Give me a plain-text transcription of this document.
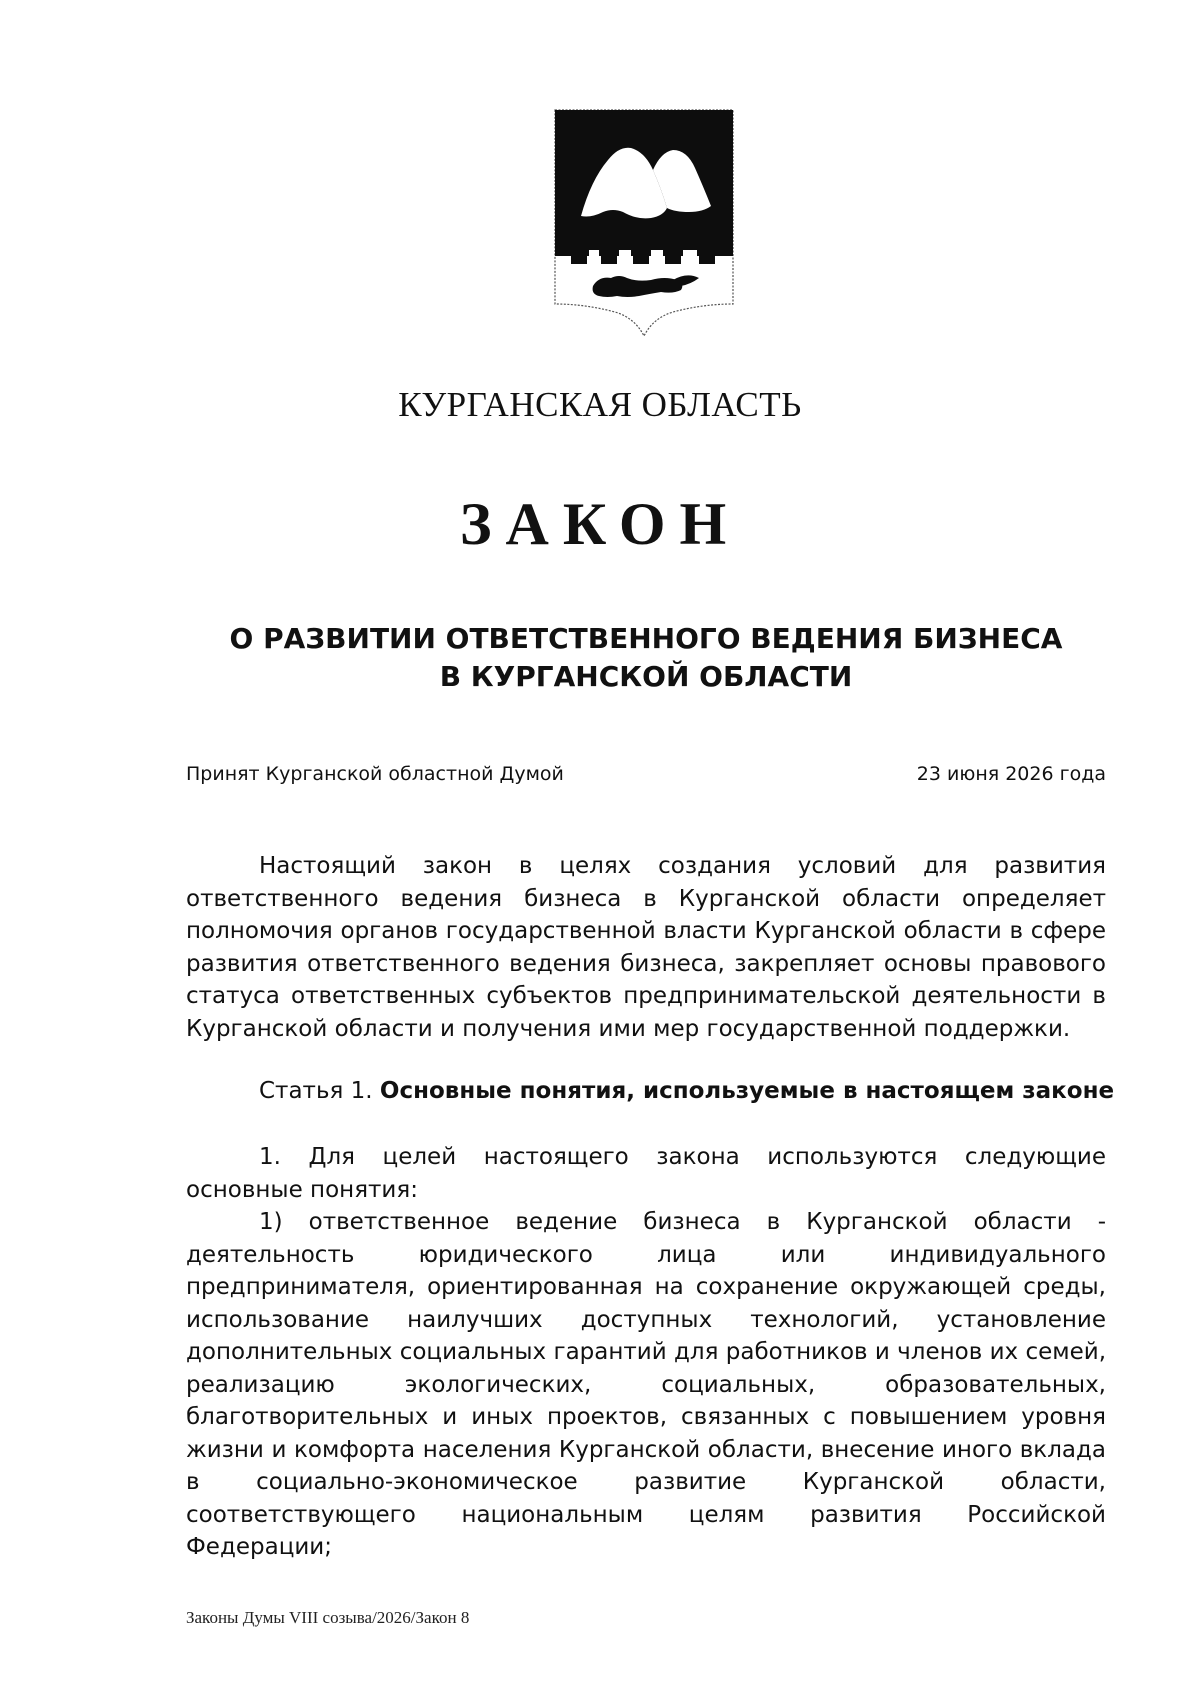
КУРГАНСКАЯ ОБЛАСТЬ
ЗАКОН
О РАЗВИТИИ ОТВЕТСТВЕННОГО ВЕДЕНИЯ БИЗНЕСА
В КУРГАНСКОЙ ОБЛАСТИ
Принят Курганской областной Думой	23 июня 2026 года

Настоящий закон в целях создания условий для развития ответственного ведения бизнеса в Курганской области определяет полномочия органов государственной власти Курганской области в сфере развития ответственного ведения бизнеса, закрепляет основы правового статуса ответственных субъектов предпринимательской деятельности в Курганской области и получения ими мер государственной поддержки.

Статья 1. Основные понятия, используемые в настоящем законе

1. Для целей настоящего закона используются следующие основные понятия:

1) ответственное ведение бизнеса в Курганской области - деятельность юридического лица или индивидуального предпринимателя, ориентированная на сохранение окружающей среды, использование наилучших доступных технологий, установление дополнительных социальных гарантий для работников и членов их семей, реализацию экологических, социальных, образовательных, благотворительных и иных проектов, связанных с повышением уровня жизни и комфорта населения Курганской области, внесение иного вклада в социально-экономическое развитие Курганской области, соответствующего национальным целям развития Российской Федерации;

Законы Думы VIII созыва/2026/Закон 8
